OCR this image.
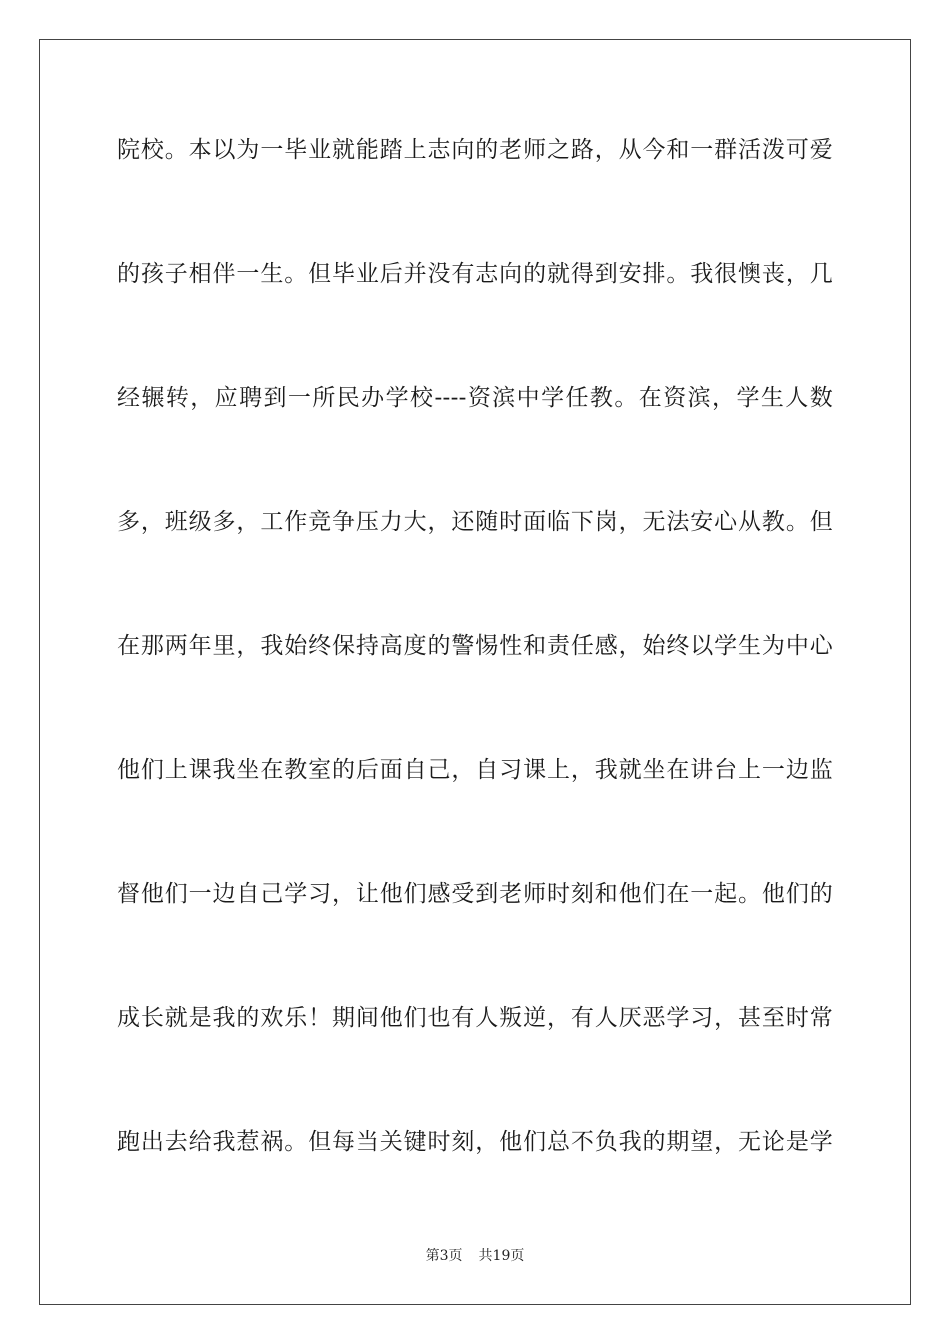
院校。本以为一毕业就能踏上志向的老师之路，从今和一群活泼可爱
的孩子相伴一生。但毕业后并没有志向的就得到安排。我很懊丧，几
经辗转，应聘到一所民办学校----资滨中学任教。在资滨，学生人数
多，班级多，工作竞争压力大，还随时面临下岗，无法安心从教。但
在那两年里，我始终保持高度的警惕性和责任感，始终以学生为中心
他们上课我坐在教室的后面自己，自习课上，我就坐在讲台上一边监
督他们一边自己学习，让他们感受到老师时刻和他们在一起。他们的
成长就是我的欢乐！期间他们也有人叛逆，有人厌恶学习，甚至时常
跑出去给我惹祸。但每当关键时刻，他们总不负我的期望，无论是学
第3页 共19页
